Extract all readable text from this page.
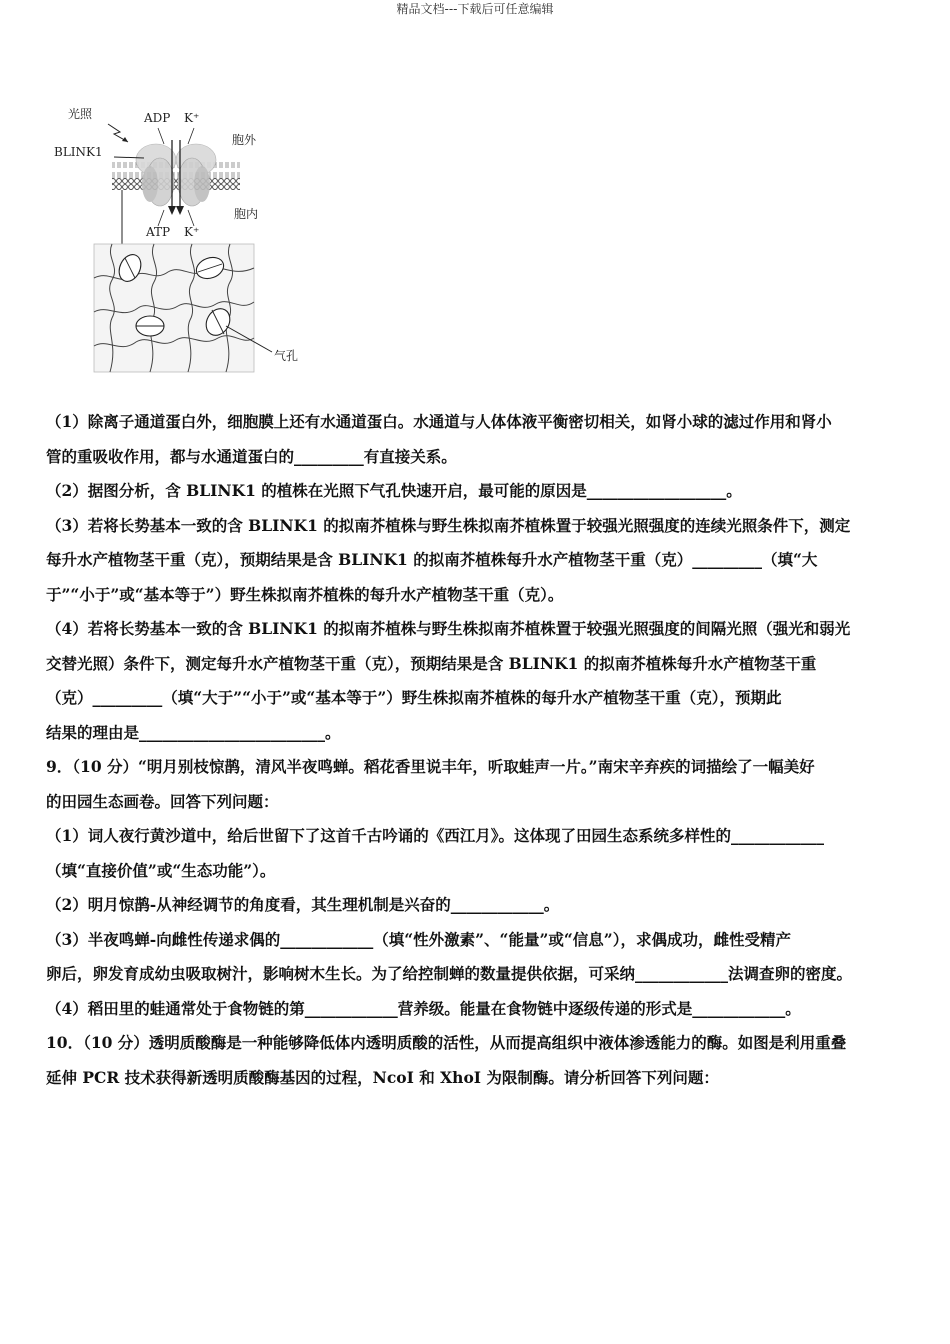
精品文档---下载后可任意编辑
光照	ADP K⁺
胞外
BLINK1
胞内
ATP K⁺
气孔

（1）除离子通道蛋白外，细胞膜上还有水通道蛋白。水通道与人体体液平衡密切相关，如肾小球的滤过作用和肾小

管的重吸收作用，都与水通道蛋白的_________有直接关系。

（2）据图分析，含 BLINK1 的植株在光照下气孔快速开启，最可能的原因是__________________。

（3）若将长势基本一致的含 BLINK1 的拟南芥植株与野生株拟南芥植株置于较强光照强度的连续光照条件下，测定

每升水产植物茎干重（克），预期结果是含 BLINK1 的拟南芥植株每升水产植物茎干重（克）_________（填“大

于”“小于”或“基本等于”）野生株拟南芥植株的每升水产植物茎干重（克）。

（4）若将长势基本一致的含 BLINK1 的拟南芥植株与野生株拟南芥植株置于较强光照强度的间隔光照（强光和弱光

交替光照）条件下，测定每升水产植物茎干重（克），预期结果是含 BLINK1 的拟南芥植株每升水产植物茎干重

（克）_________（填“大于”“小于”或“基本等于”）野生株拟南芥植株的每升水产植物茎干重（克），预期此

结果的理由是________________________。

9．（10 分）“明月别枝惊鹊，清风半夜鸣蝉。稻花香里说丰年，听取蛙声一片。”南宋辛弃疾的词描绘了一幅美好

的田园生态画卷。回答下列问题：

（1）词人夜行黄沙道中，给后世留下了这首千古吟诵的《西江月》。这体现了田园生态系统多样性的____________

（填“直接价值”或“生态功能”）。

（2）明月惊鹊-从神经调节的角度看，其生理机制是兴奋的____________。

（3）半夜鸣蝉-向雌性传递求偶的____________（填“性外激素”、“能量”或“信息”），求偶成功，雌性受精产

卵后，卵发育成幼虫吸取树汁，影响树木生长。为了给控制蝉的数量提供依据，可采纳____________法调查卵的密度。

（4）稻田里的蛙通常处于食物链的第____________营养级。能量在食物链中逐级传递的形式是____________。

10．（10 分）透明质酸酶是一种能够降低体内透明质酸的活性，从而提高组织中液体渗透能力的酶。如图是利用重叠

延伸 PCR 技术获得新透明质酸酶基因的过程，NcoI 和 XhoI 为限制酶。请分析回答下列问题：
